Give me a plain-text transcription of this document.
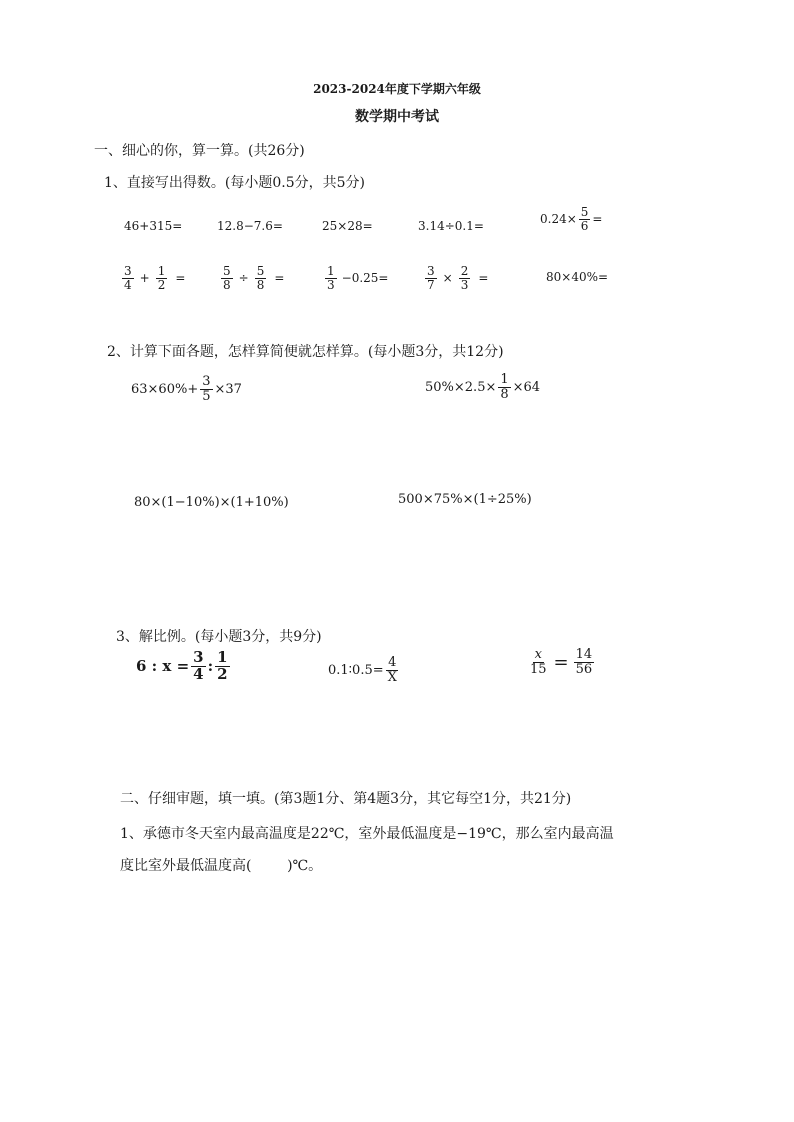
2023-2024年度下学期六年级
数学期中考试
一、细心的你，算一算。(共26分)
1、直接写出得数。(每小题0.5分，共5分)
46+315=	12.8−7.6=	25×28=	3.14÷0.1=	$0.24\times \frac{5}{6}$ =
$\frac{3}{4} + \frac{1}{2}$ =	$\frac{5}{8} \div \frac{5}{8}$ =	$\frac{1}{3} -0.25=$	$\frac{3}{7} \times \frac{2}{3}$ =	80×40%=
2、计算下面各题，怎样算简便就怎样算。(每小题3分，共12分)
$63\times 60\%+ \frac{3}{5} \times 37$	$50\%\times 2.5\times \frac{1}{8} \times 64$
80×(1−10%)×(1+10%)	500×75%×(1÷25%)
3、解比例。(每小题3分，共9分)
6 : $x = \frac{3}{4}$ : $\frac{1}{2}$	0.1∶0.5= $\frac{4}{X}$	$\frac{x}{15} = \frac{14}{56}$
二、仔细审题，填一填。(第3题1分、第4题3分，其它每空1分，共21分)
1、承德市冬天室内最高温度是22℃，室外最低温度是−19℃，那么室内最高温
度比室外最低温度高(        )℃。
